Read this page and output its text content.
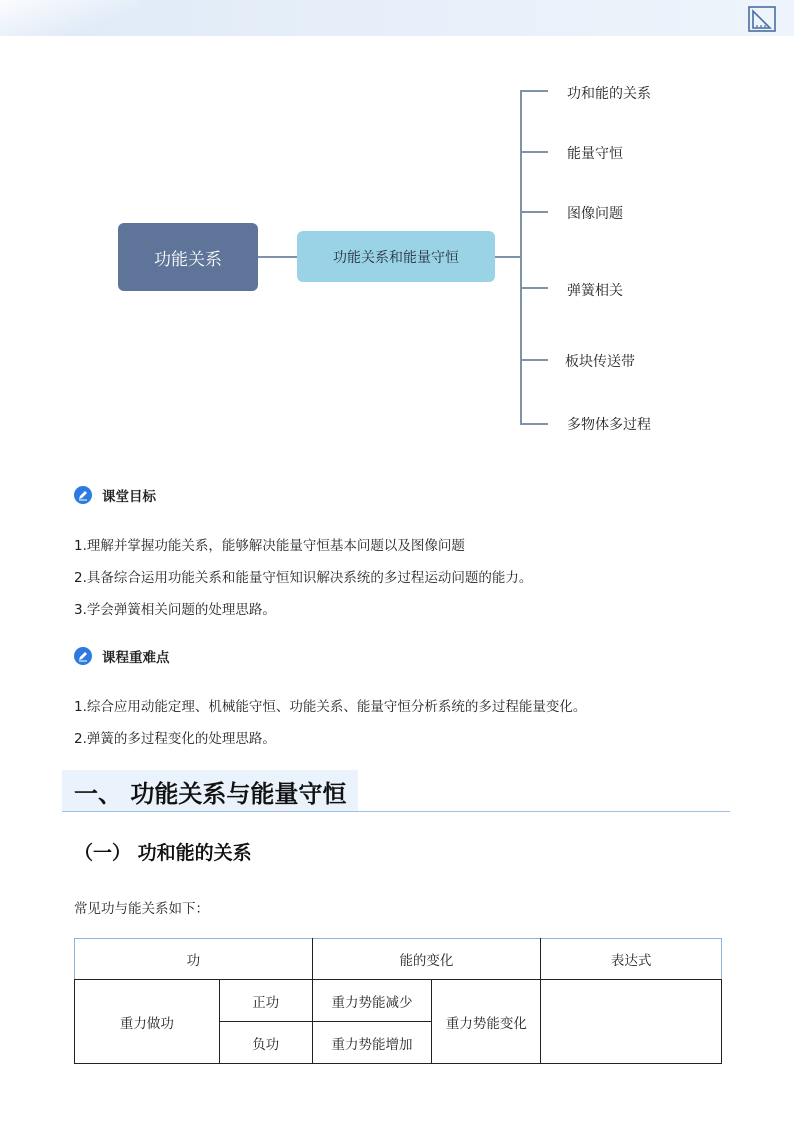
功能关系	功能关系和能量守恒
功和能的关系
能量守恒
图像问题
弹簧相关
板块传送带
多物体多过程
课堂目标
1.理解并掌握功能关系，能够解决能量守恒基本问题以及图像问题
2.具备综合运用功能关系和能量守恒知识解决系统的多过程运动问题的能力。
3.学会弹簧相关问题的处理思路。
课程重难点
1.综合应用动能定理、机械能守恒、功能关系、能量守恒分析系统的多过程能量变化。
2.弹簧的多过程变化的处理思路。
一、 功能关系与能量守恒
（一） 功和能的关系
常见功与能关系如下：
功		能的变化		表达式
重力做功	正功	重力势能减少	重力势能变化	
	负功	重力势能增加		
